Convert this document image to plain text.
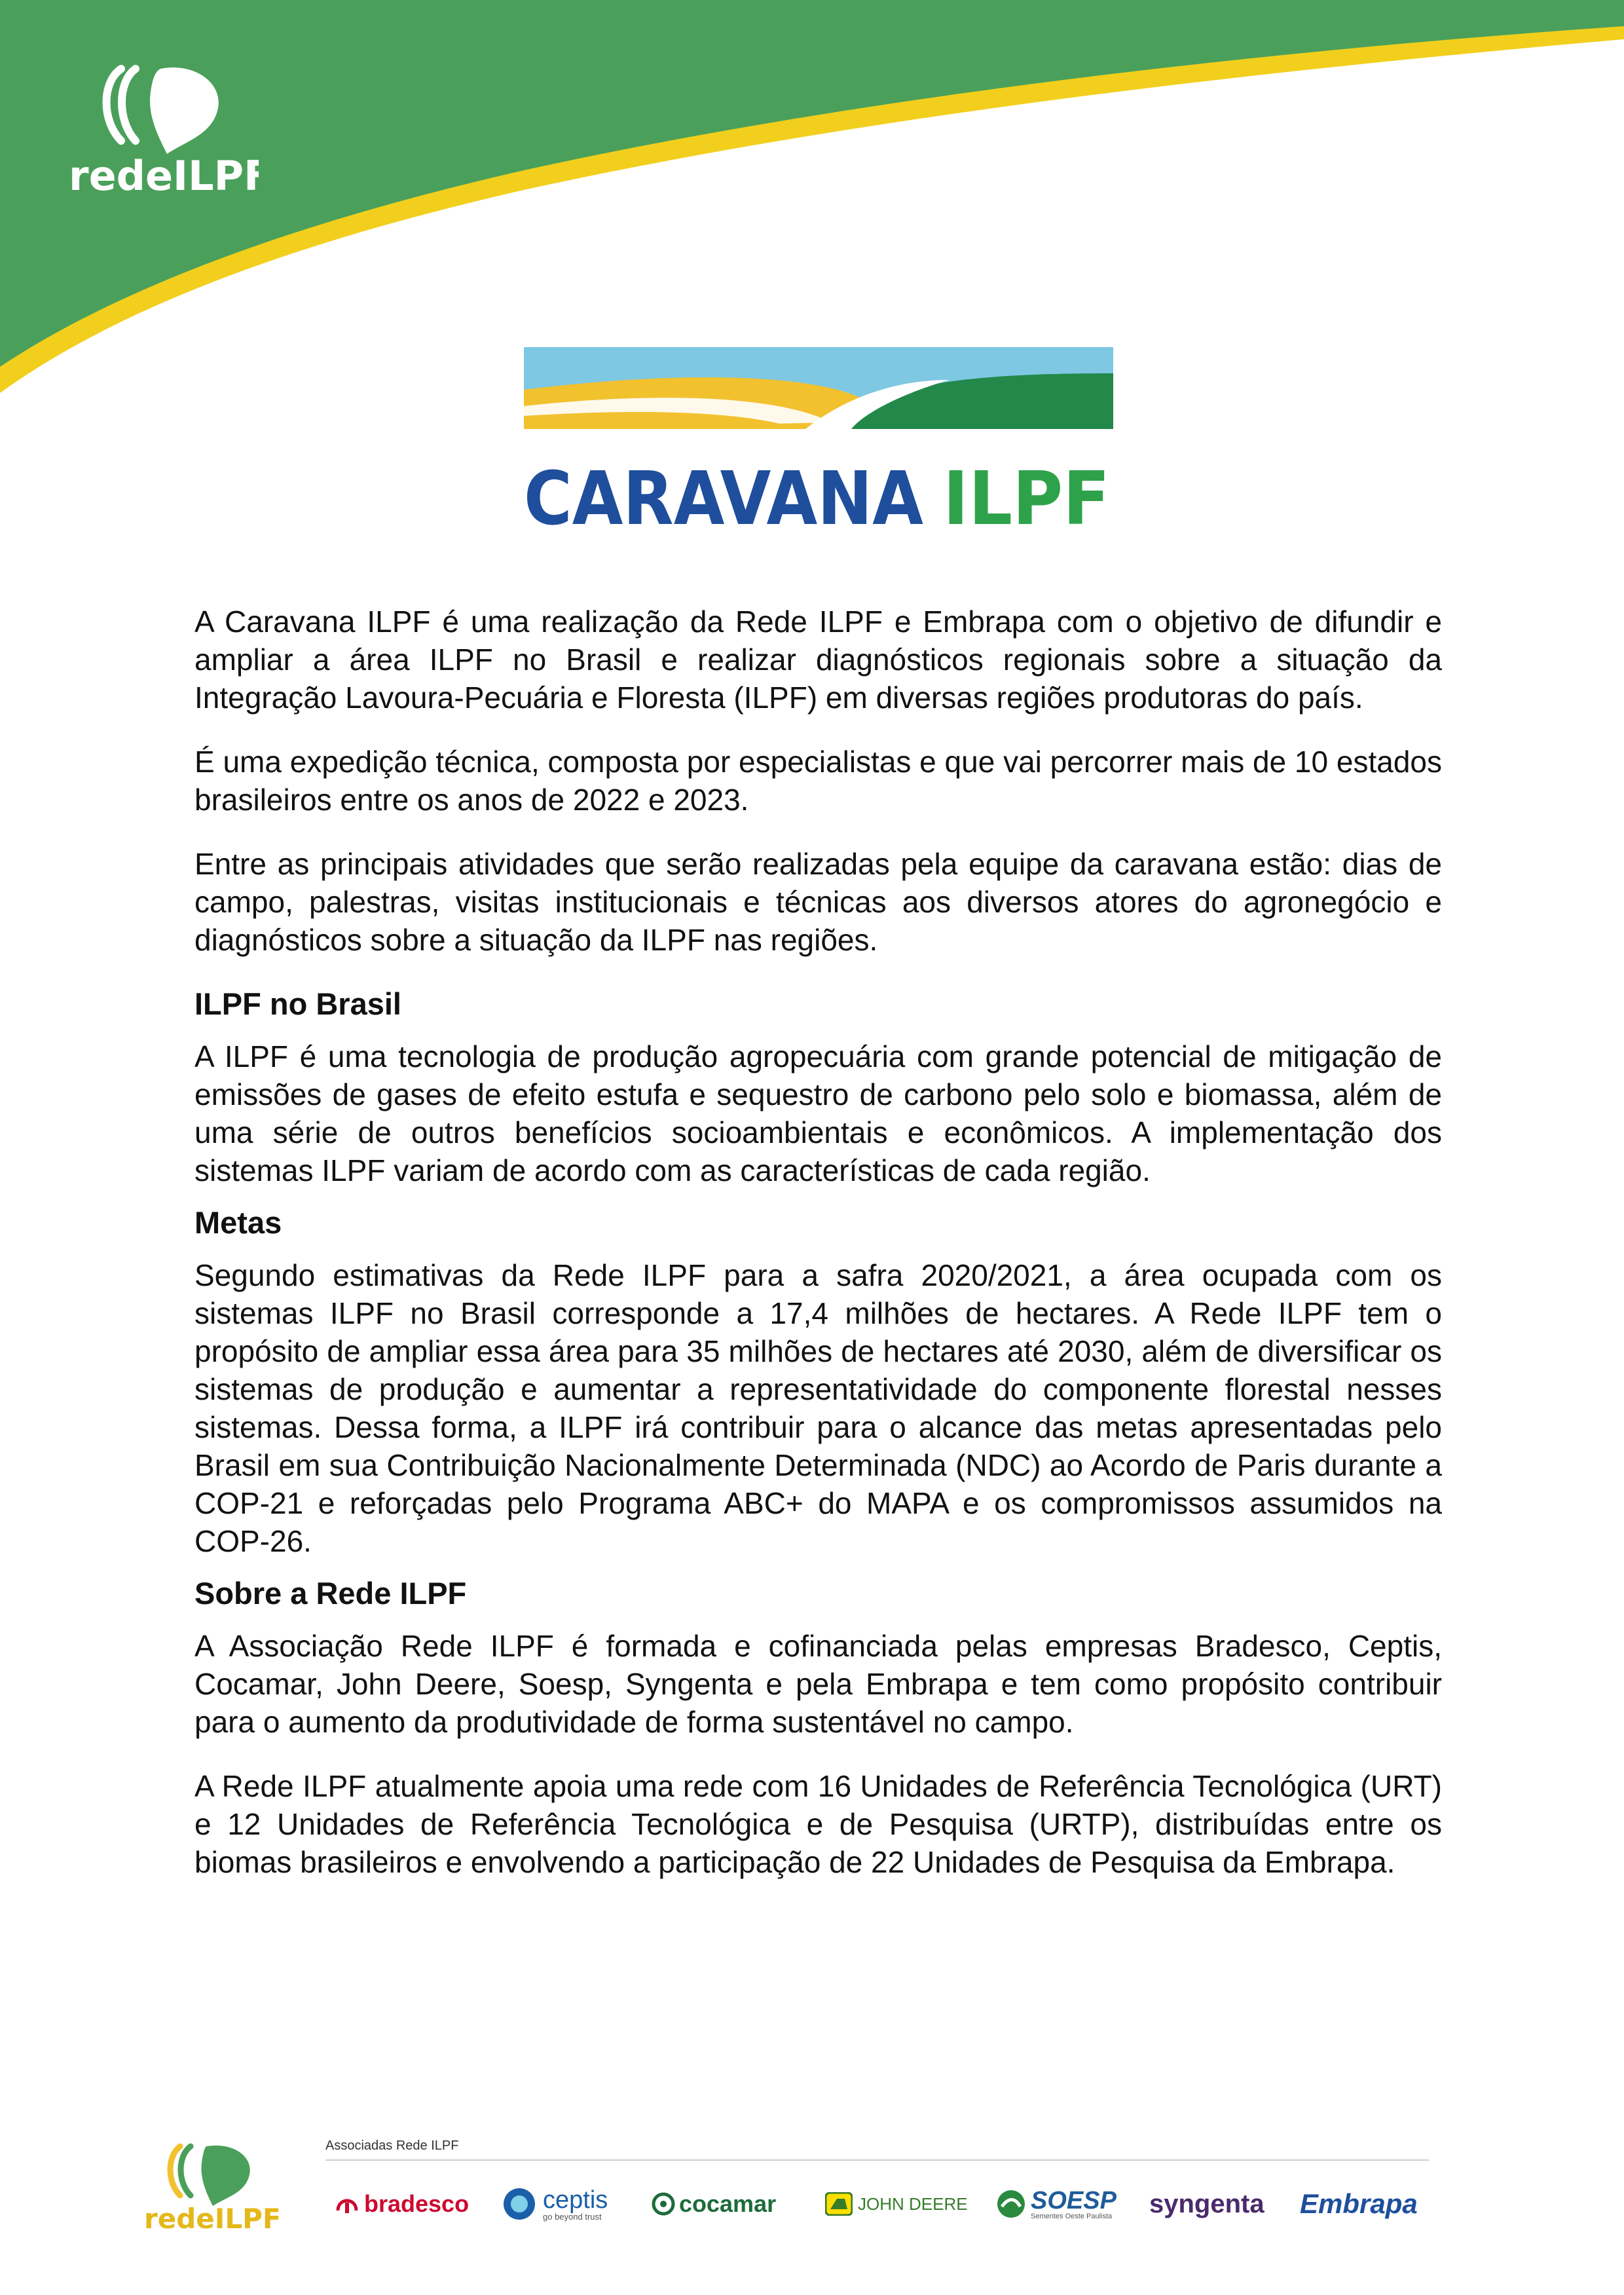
redeILPF
CARAVANA ILPF

A Caravana ILPF é uma realização da Rede ILPF e Embrapa com o objetivo de difundir e ampliar a área ILPF no Brasil e realizar diagnósticos regionais sobre a situação da Integração Lavoura-Pecuária e Floresta (ILPF) em diversas regiões produtoras do país.

É uma expedição técnica, composta por especialistas e que vai percorrer mais de 10 estados brasileiros entre os anos de 2022 e 2023.

Entre as principais atividades que serão realizadas pela equipe da caravana estão: dias de campo, palestras, visitas institucionais e técnicas aos diversos atores do agronegócio e diagnósticos sobre a situação da ILPF nas regiões.

ILPF no Brasil

A ILPF é uma tecnologia de produção agropecuária com grande potencial de mitigação de emissões de gases de efeito estufa e sequestro de carbono pelo solo e biomassa, além de uma série de outros benefícios socioambientais e econômicos. A implementação dos sistemas ILPF variam de acordo com as características de cada região.

Metas

Segundo estimativas da Rede ILPF para a safra 2020/2021, a área ocupada com os sistemas ILPF no Brasil corresponde a 17,4 milhões de hectares. A Rede ILPF tem o propósito de ampliar essa área para 35 milhões de hectares até 2030, além de diversificar os sistemas de produção e aumentar a representatividade do componente florestal nesses sistemas. Dessa forma, a ILPF irá contribuir para o alcance das metas apresentadas pelo Brasil em sua Contribuição Nacionalmente Determinada (NDC) ao Acordo de Paris durante a COP-21 e reforçadas pelo Programa ABC+ do MAPA e os compromissos assumidos na COP-26.

Sobre a Rede ILPF

A Associação Rede ILPF é formada e cofinanciada pelas empresas Bradesco, Ceptis, Cocamar, John Deere, Soesp, Syngenta e pela Embrapa e tem como propósito contribuir para o aumento da produtividade de forma sustentável no campo.

A Rede ILPF atualmente apoia uma rede com 16 Unidades de Referência Tecnológica (URT) e 12 Unidades de Referência Tecnológica e de Pesquisa (URTP), distribuídas entre os biomas brasileiros e envolvendo a participação de 22 Unidades de Pesquisa da Embrapa.

redeILPF
Associadas Rede ILPF
bradesco	ceptis
go beyond trust	cocamar	JOHN DEERE	SOESP
Sementes Oeste Paulista syngenta Embrapa
